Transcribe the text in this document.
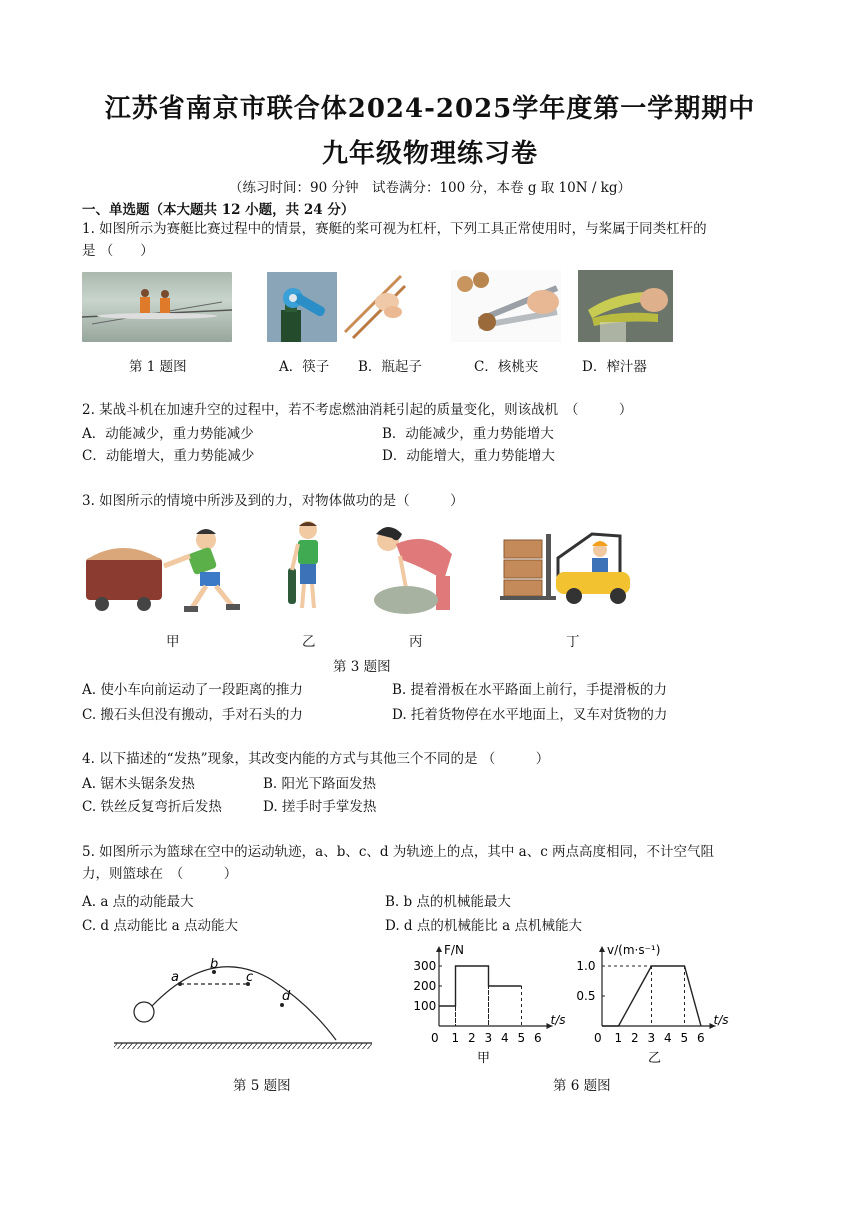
江苏省南京市联合体2024-2025学年度第一学期期中
九年级物理练习卷
（练习时间：90 分钟　试卷满分：100 分，本卷 g 取 10N / kg）
一、单选题（本大题共 12 小题，共 24 分）
1. 如图所示为赛艇比赛过程中的情景，赛艇的桨可视为杠杆，下列工具正常使用时，与桨属于同类杠杆的
是 （　　）
第 1 题图	A．筷子 B．瓶起子	C．核桃夹	D．榨汁器
2. 某战斗机在加速升空的过程中，若不考虑燃油消耗引起的质量变化，则该战机　（　　　）
A．动能减少，重力势能减少	B．动能减少，重力势能增大
C．动能增大，重力势能减少	D．动能增大，重力势能增大
3. 如图所示的情境中所涉及到的力，对物体做功的是（　　　）
甲	乙	丙	丁
第 3 题图
A. 使小车向前运动了一段距离的推力	B. 提着滑板在水平路面上前行，手提滑板的力
C. 搬石头但没有搬动，手对石头的力	D. 托着货物停在水平地面上，叉车对货物的力
4. 以下描述的“发热”现象，其改变内能的方式与其他三个不同的是 （　　　）
A. 锯木头锯条发热	B. 阳光下路面发热
C. 铁丝反复弯折后发热	D. 搓手时手掌发热
5. 如图所示为篮球在空中的运动轨迹，a、b、c、d 为轨迹上的点，其中 a、c 两点高度相同，不计空气阻
力，则篮球在　（　　　）
A. a 点的动能最大	B. b 点的机械能最大
C. d 点动能比 a 点动能大	D. d 点的机械能比 a 点机械能大
a
b
c
d
第 5 题图
F/N
t/s
0 1 2 3 4 5 6
100
200
300
甲
v/(m·s⁻¹)
t/s
0 1 2 3 4 5 6
0.5
1.0
乙
第 6 题图
